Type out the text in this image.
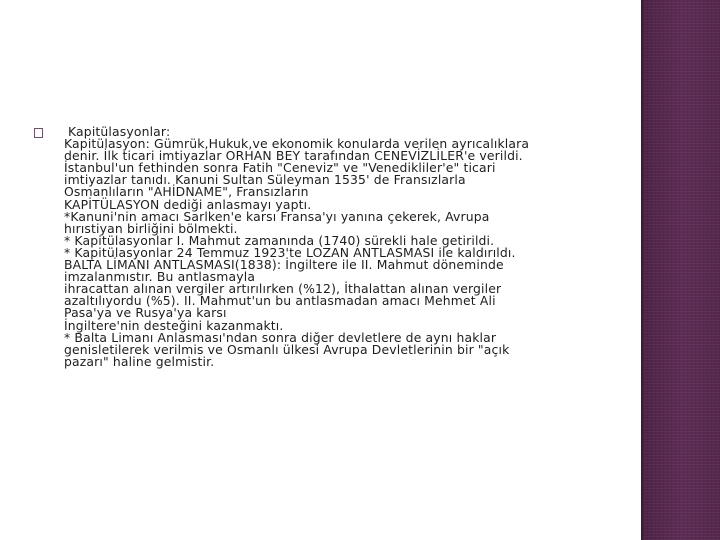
Kapitülasyonlar:
Kapitülasyon: Gümrük,Hukuk,ve ekonomik konularda verilen ayrıcalıklara
denir. İlk ticari imtiyazlar ORHAN BEY tarafından CENEVİZLİLER'e verildi.
İstanbul'un fethinden sonra Fatih "Ceneviz" ve "Venedikliler'e" ticari
imtiyazlar tanıdı. Kanuni Sultan Süleyman 1535' de Fransızlarla
Osmanlıların "AHİDNAME", Fransızların
KAPİTÜLASYON dediği anlasmayı yaptı.
*Kanuni'nin amacı Sarlken'e karsı Fransa'yı yanına çekerek, Avrupa
hırıstiyan birliğini bölmekti.
* Kapitülasyonlar I. Mahmut zamanında (1740) sürekli hale getirildi.
* Kapitülasyonlar 24 Temmuz 1923'te LOZAN ANTLASMASI ile kaldırıldı.
BALTA LİMANI ANTLASMASI(1838): İngiltere ile II. Mahmut döneminde
imzalanmıstır. Bu antlasmayla
ihracattan alınan vergiler artırılırken (%12), İthalattan alınan vergiler
azaltılıyordu (%5). II. Mahmut'un bu antlasmadan amacı Mehmet Ali
Pasa'ya ve Rusya'ya karsı
İngiltere'nin desteğini kazanmaktı.
* Balta Limanı Anlasması'ndan sonra diğer devletlere de aynı haklar
genisletilerek verilmis ve Osmanlı ülkesi Avrupa Devletlerinin bir "açık
pazarı" haline gelmistir.
